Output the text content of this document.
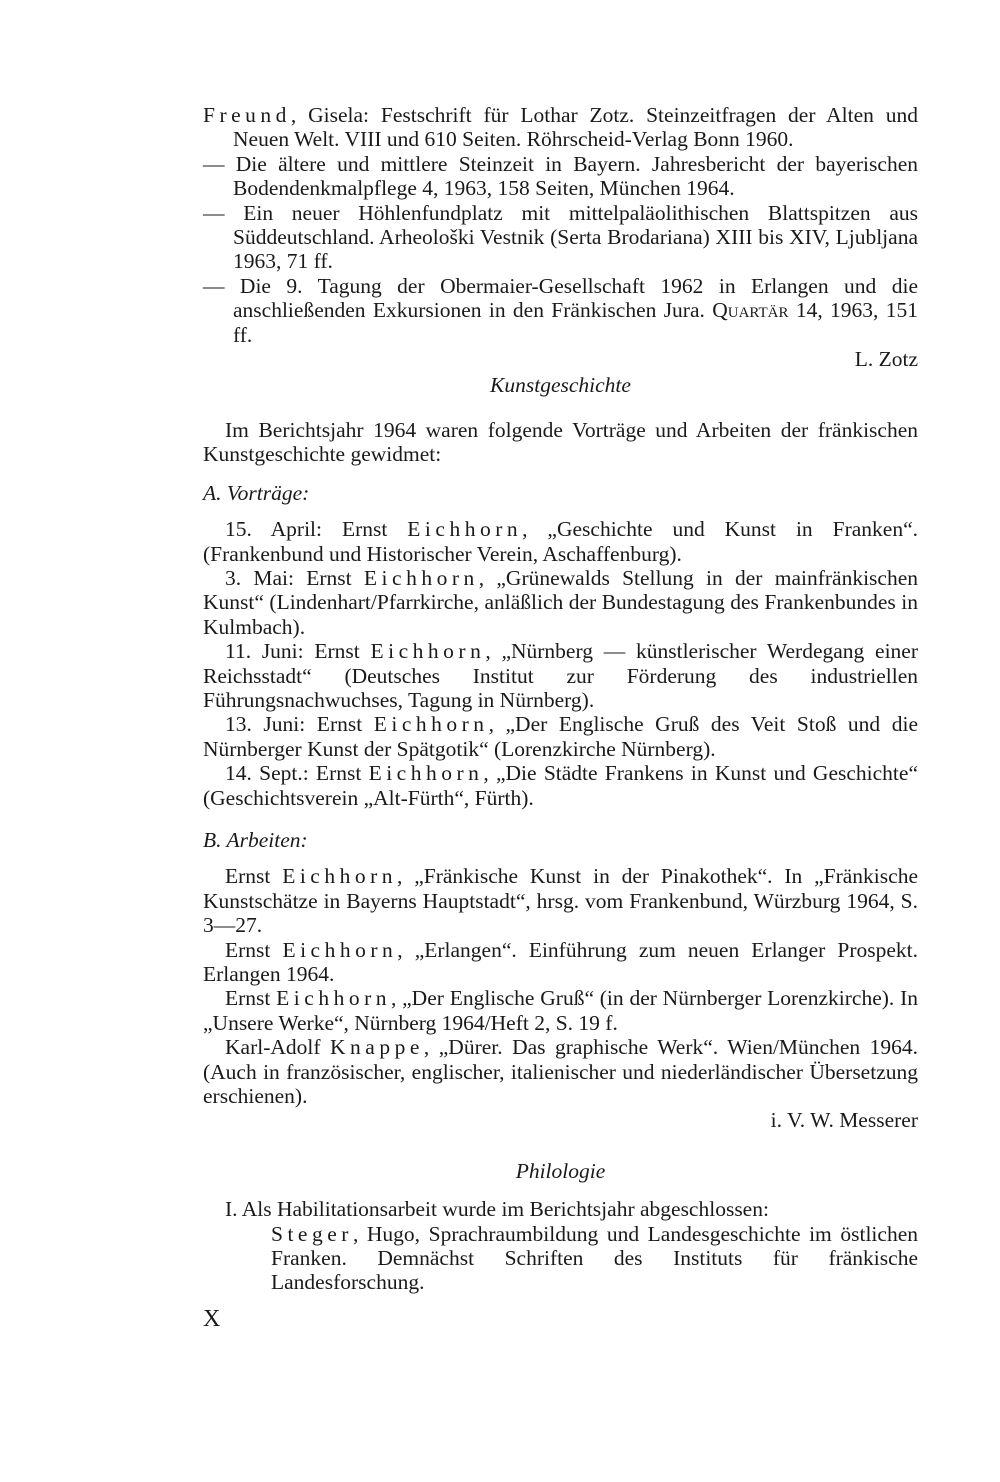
Freund, Gisela: Festschrift für Lothar Zotz. Steinzeitfragen der Alten und Neuen Welt. VIII und 610 Seiten. Röhrscheid-Verlag Bonn 1960.

— Die ältere und mittlere Steinzeit in Bayern. Jahresbericht der bayerischen Bodendenkmalpflege 4, 1963, 158 Seiten, München 1964.

— Ein neuer Höhlenfundplatz mit mittelpaläolithischen Blattspitzen aus Süddeutschland. Arheološki Vestnik (Serta Brodariana) XIII bis XIV, Ljubljana 1963, 71 ff.

— Die 9. Tagung der Obermaier-Gesellschaft 1962 in Erlangen und die anschließenden Exkursionen in den Fränkischen Jura. Quartär 14, 1963, 151 ff.

L. Zotz

Kunstgeschichte

Im Berichtsjahr 1964 waren folgende Vorträge und Arbeiten der fränkischen Kunstgeschichte gewidmet:

A. Vorträge:

15. April: Ernst Eichhorn, „Geschichte und Kunst in Franken“. (Frankenbund und Historischer Verein, Aschaffenburg).

3. Mai: Ernst Eichhorn, „Grünewalds Stellung in der mainfränkischen Kunst“ (Lindenhart/Pfarrkirche, anläßlich der Bundestagung des Frankenbundes in Kulmbach).

11. Juni: Ernst Eichhorn, „Nürnberg — künstlerischer Werdegang einer Reichsstadt“ (Deutsches Institut zur Förderung des industriellen Führungsnachwuchses, Tagung in Nürnberg).

13. Juni: Ernst Eichhorn, „Der Englische Gruß des Veit Stoß und die Nürnberger Kunst der Spätgotik“ (Lorenzkirche Nürnberg).

14. Sept.: Ernst Eichhorn, „Die Städte Frankens in Kunst und Geschichte“ (Geschichtsverein „Alt-Fürth“, Fürth).

B. Arbeiten:

Ernst Eichhorn, „Fränkische Kunst in der Pinakothek“. In „Fränkische Kunstschätze in Bayerns Hauptstadt“, hrsg. vom Frankenbund, Würzburg 1964, S. 3—27.

Ernst Eichhorn, „Erlangen“. Einführung zum neuen Erlanger Prospekt. Erlangen 1964.

Ernst Eichhorn, „Der Englische Gruß“ (in der Nürnberger Lorenzkirche). In „Unsere Werke“, Nürnberg 1964/Heft 2, S. 19 f.

Karl-Adolf Knappe, „Dürer. Das graphische Werk“. Wien/München 1964. (Auch in französischer, englischer, italienischer und niederländischer Übersetzung erschienen).

i. V. W. Messerer

Philologie

I. Als Habilitationsarbeit wurde im Berichtsjahr abgeschlossen:

Steger, Hugo, Sprachraumbildung und Landesgeschichte im östlichen Franken. Demnächst Schriften des Instituts für fränkische Landesforschung.

X
